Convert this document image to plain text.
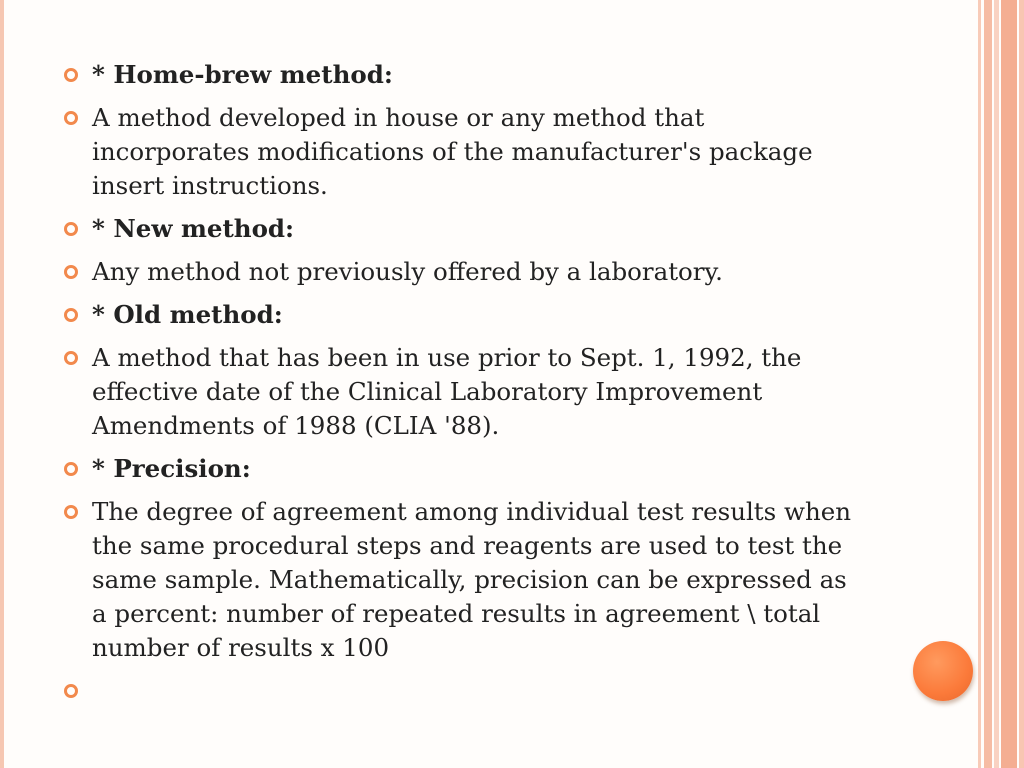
* Home-brew method:
A method developed in house or any method that incorporates modifications of the manufacturer's package insert instructions.
* New method:
Any method not previously offered by a laboratory.
* Old method:
A method that has been in use prior to Sept. 1, 1992, the effective date of the Clinical Laboratory Improvement Amendments of 1988 (CLIA '88).
* Precision:
The degree of agreement among individual test results when the same procedural steps and reagents are used to test the same sample. Mathematically, precision can be expressed as a percent: number of repeated results in agreement \ total number of results x 100
